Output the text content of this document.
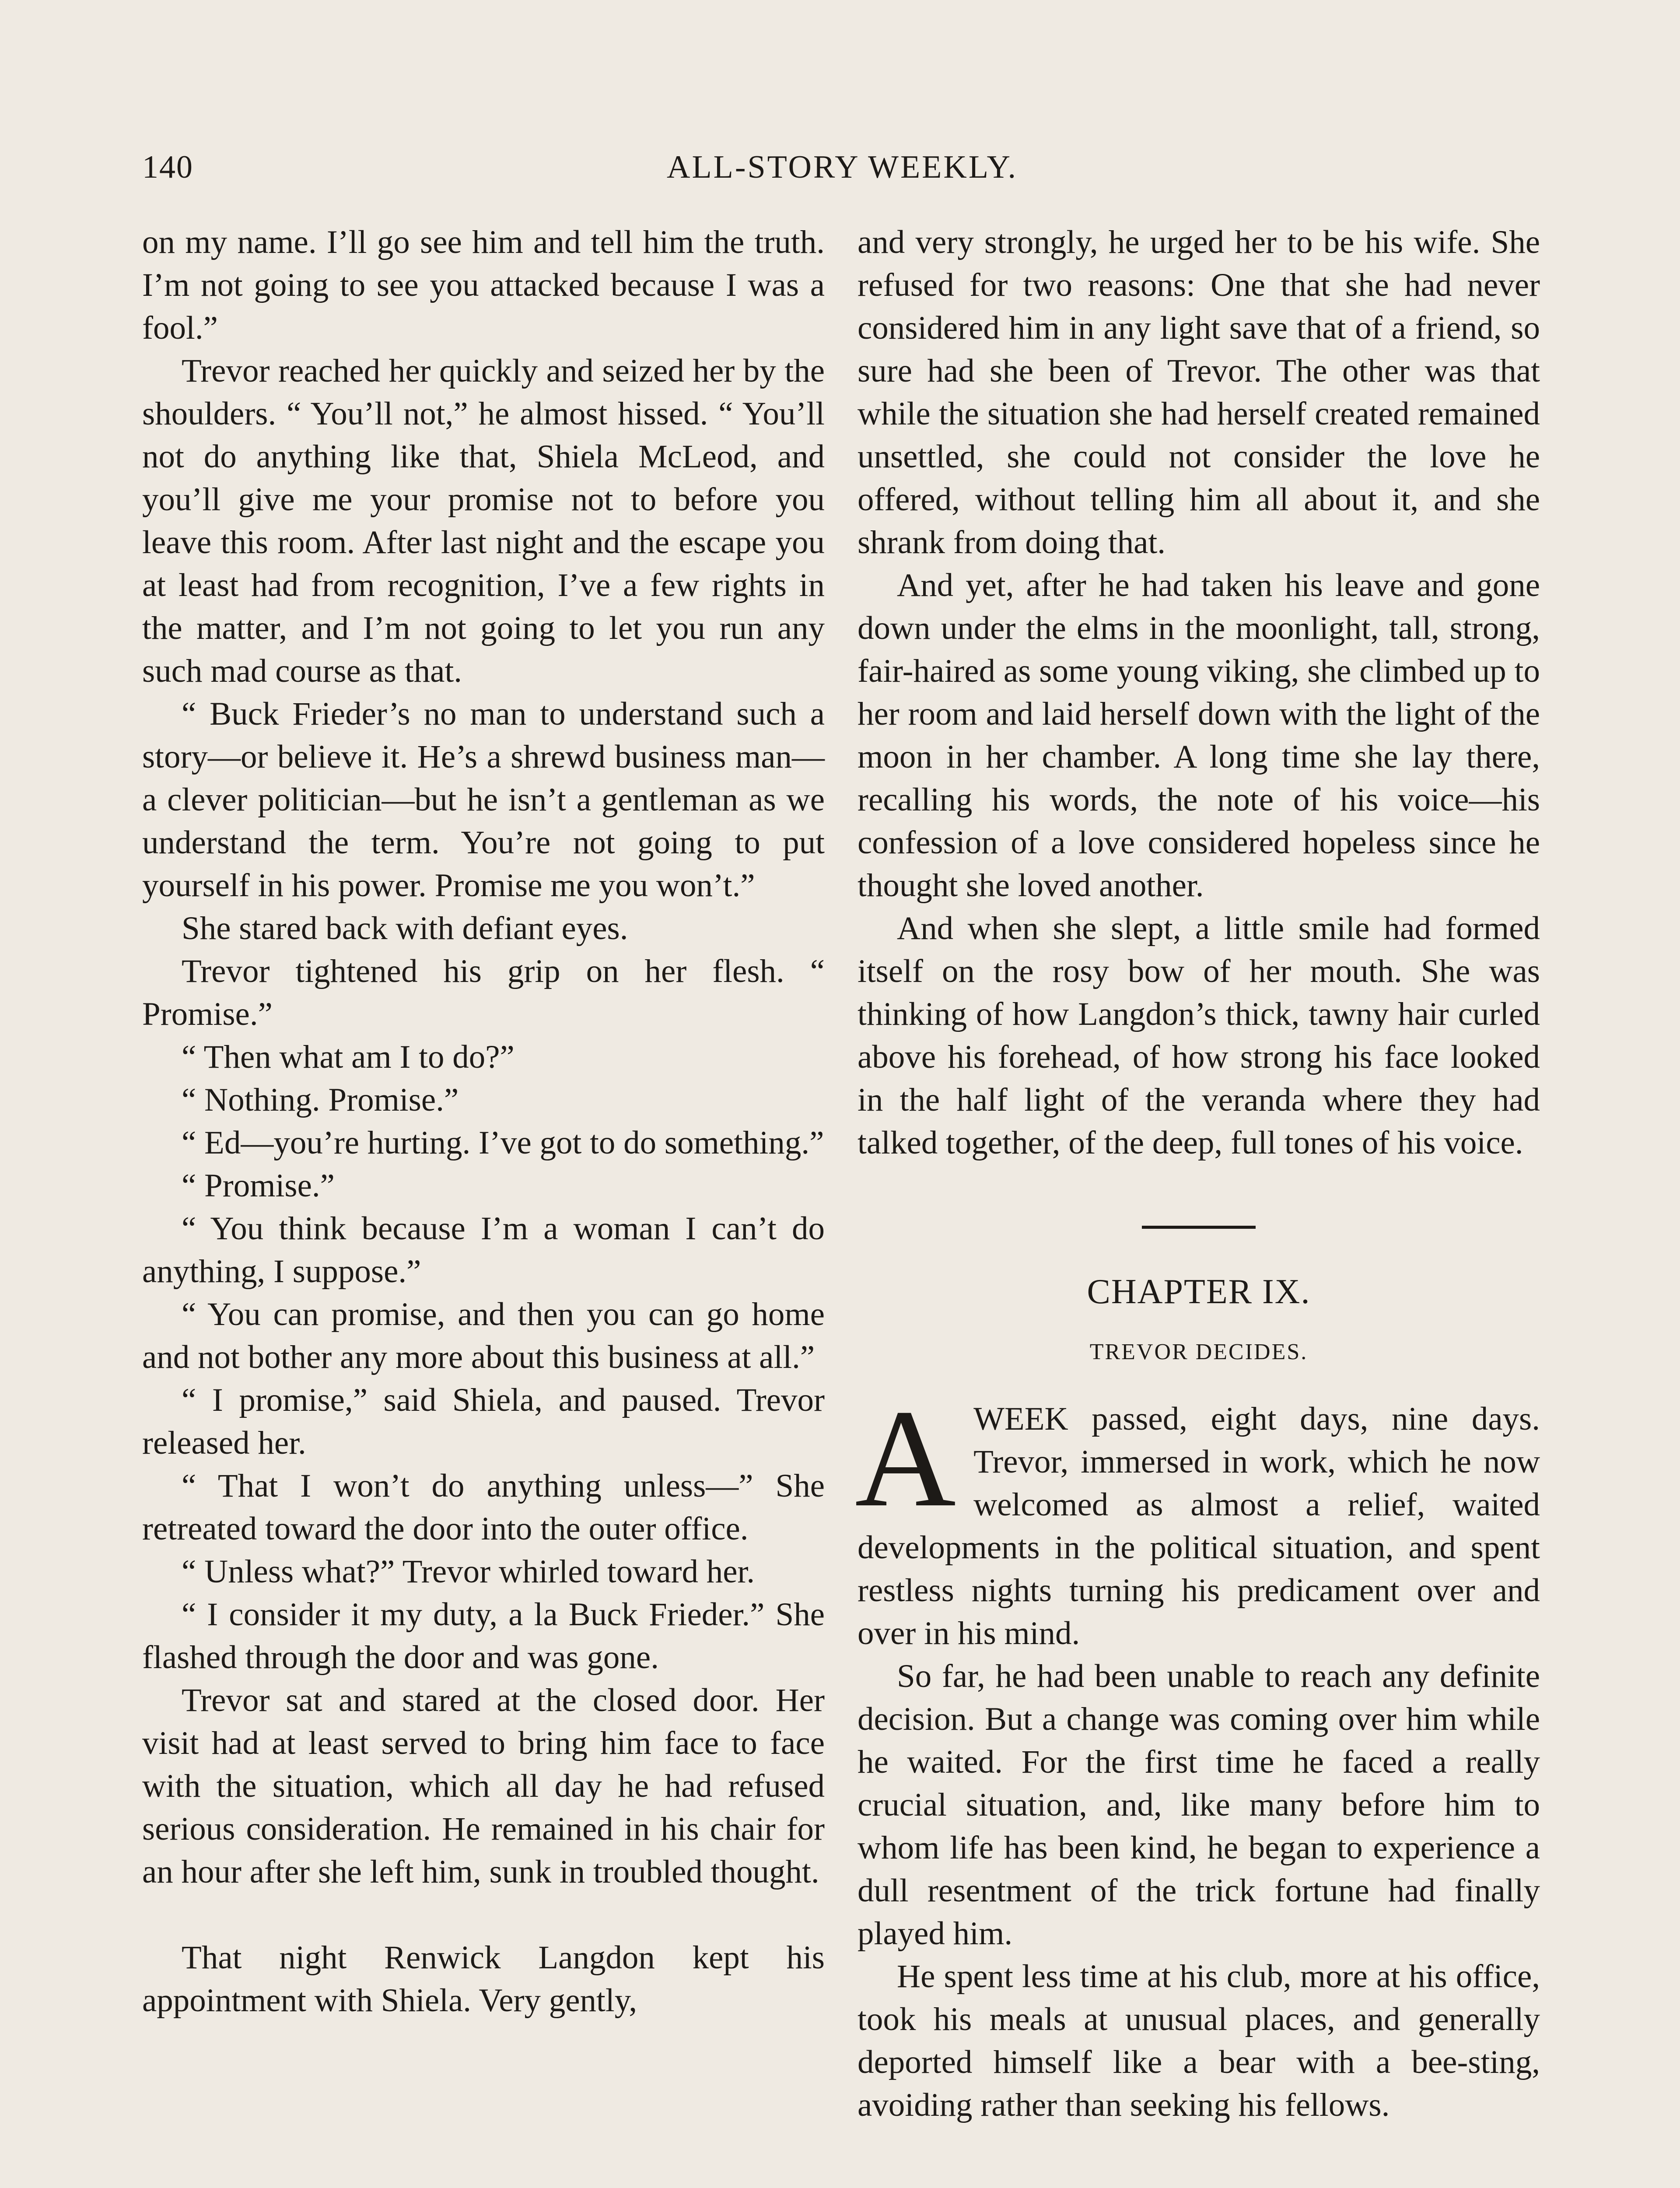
140	ALL-STORY WEEKLY.

on my name. I’ll go see him and tell him the truth. I’m not going to see you attacked because I was a fool.”

Trevor reached her quickly and seized her by the shoulders. “ You’ll not,” he almost hissed. “ You’ll not do anything like that, Shiela McLeod, and you’ll give me your promise not to before you leave this room. After last night and the escape you at least had from recognition, I’ve a few rights in the matter, and I’m not going to let you run any such mad course as that.

“ Buck Frieder’s no man to understand such a story—or believe it. He’s a shrewd business man—a clever politician—but he isn’t a gentleman as we understand the term. You’re not going to put yourself in his power. Promise me you won’t.”

She stared back with defiant eyes.

Trevor tightened his grip on her flesh. “ Promise.”

“ Then what am I to do?”

“ Nothing. Promise.”

“ Ed—you’re hurting. I’ve got to do something.”

“ Promise.”

“ You think because I’m a woman I can’t do anything, I suppose.”

“ You can promise, and then you can go home and not bother any more about this business at all.”

“ I promise,” said Shiela, and paused. Trevor released her.

“ That I won’t do anything unless—” She retreated toward the door into the outer office.

“ Unless what?” Trevor whirled toward her.

“ I consider it my duty, a la Buck Frieder.” She flashed through the door and was gone.

Trevor sat and stared at the closed door. Her visit had at least served to bring him face to face with the situation, which all day he had refused serious consideration. He remained in his chair for an hour after she left him, sunk in troubled thought.

That night Renwick Langdon kept his appointment with Shiela. Very gently,

and very strongly, he urged her to be his wife. She refused for two reasons: One that she had never considered him in any light save that of a friend, so sure had she been of Trevor. The other was that while the situation she had herself created remained unsettled, she could not consider the love he offered, without telling him all about it, and she shrank from doing that.

And yet, after he had taken his leave and gone down under the elms in the moonlight, tall, strong, fair-haired as some young viking, she climbed up to her room and laid herself down with the light of the moon in her chamber. A long time she lay there, recalling his words, the note of his voice—his confession of a love considered hopeless since he thought she loved another.

And when she slept, a little smile had formed itself on the rosy bow of her mouth. She was thinking of how Langdon’s thick, tawny hair curled above his forehead, of how strong his face looked in the half light of the veranda where they had talked together, of the deep, full tones of his voice.

CHAPTER IX.
TREVOR DECIDES.

AWEEK passed, eight days, nine days. Trevor, immersed in work, which he now welcomed as almost a relief, waited developments in the political situation, and spent restless nights turning his predicament over and over in his mind.

So far, he had been unable to reach any definite decision. But a change was coming over him while he waited. For the first time he faced a really crucial situation, and, like many before him to whom life has been kind, he began to experience a dull resentment of the trick fortune had finally played him.

He spent less time at his club, more at his office, took his meals at unusual places, and generally deported himself like a bear with a bee-sting, avoiding rather than seeking his fellows.
